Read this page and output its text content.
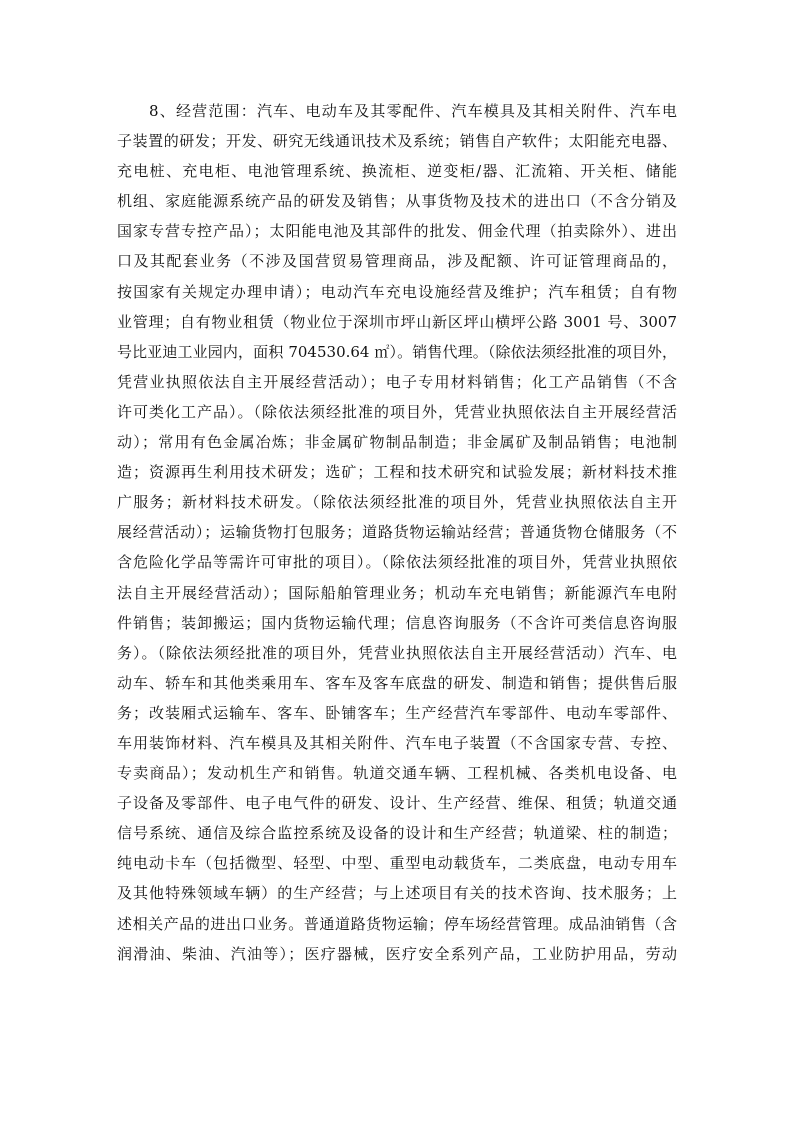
8、经营范围：汽车、电动车及其零配件、汽车模具及其相关附件、汽车电
子装置的研发；开发、研究无线通讯技术及系统；销售自产软件；太阳能充电器、
充电桩、充电柜、电池管理系统、换流柜、逆变柜/器、汇流箱、开关柜、储能
机组、家庭能源系统产品的研发及销售；从事货物及技术的进出口（不含分销及
国家专营专控产品）；太阳能电池及其部件的批发、佣金代理（拍卖除外）、进出
口及其配套业务（不涉及国营贸易管理商品，涉及配额、许可证管理商品的，
按国家有关规定办理申请）；电动汽车充电设施经营及维护；汽车租赁；自有物
业管理；自有物业租赁（物业位于深圳市坪山新区坪山横坪公路 3001 号、3007
号比亚迪工业园内，面积 704530.64 ㎡）。销售代理。（除依法须经批准的项目外，
凭营业执照依法自主开展经营活动）；电子专用材料销售；化工产品销售（不含
许可类化工产品）。（除依法须经批准的项目外，凭营业执照依法自主开展经营活
动）；常用有色金属冶炼；非金属矿物制品制造；非金属矿及制品销售；电池制
造；资源再生利用技术研发；选矿；工程和技术研究和试验发展；新材料技术推
广服务；新材料技术研发。（除依法须经批准的项目外，凭营业执照依法自主开
展经营活动）；运输货物打包服务；道路货物运输站经营；普通货物仓储服务（不
含危险化学品等需许可审批的项目）。（除依法须经批准的项目外，凭营业执照依
法自主开展经营活动）；国际船舶管理业务；机动车充电销售；新能源汽车电附
件销售；装卸搬运；国内货物运输代理；信息咨询服务（不含许可类信息咨询服
务）。（除依法须经批准的项目外，凭营业执照依法自主开展经营活动）汽车、电
动车、轿车和其他类乘用车、客车及客车底盘的研发、制造和销售；提供售后服
务；改装厢式运输车、客车、卧铺客车；生产经营汽车零部件、电动车零部件、
车用装饰材料、汽车模具及其相关附件、汽车电子装置（不含国家专营、专控、
专卖商品）；发动机生产和销售。轨道交通车辆、工程机械、各类机电设备、电
子设备及零部件、电子电气件的研发、设计、生产经营、维保、租赁；轨道交通
信号系统、通信及综合监控系统及设备的设计和生产经营；轨道梁、柱的制造；
纯电动卡车（包括微型、轻型、中型、重型电动载货车，二类底盘，电动专用车
及其他特殊领域车辆）的生产经营；与上述项目有关的技术咨询、技术服务；上
述相关产品的进出口业务。普通道路货物运输；停车场经营管理。成品油销售（含
润滑油、柴油、汽油等）；医疗器械，医疗安全系列产品，工业防护用品，劳动
